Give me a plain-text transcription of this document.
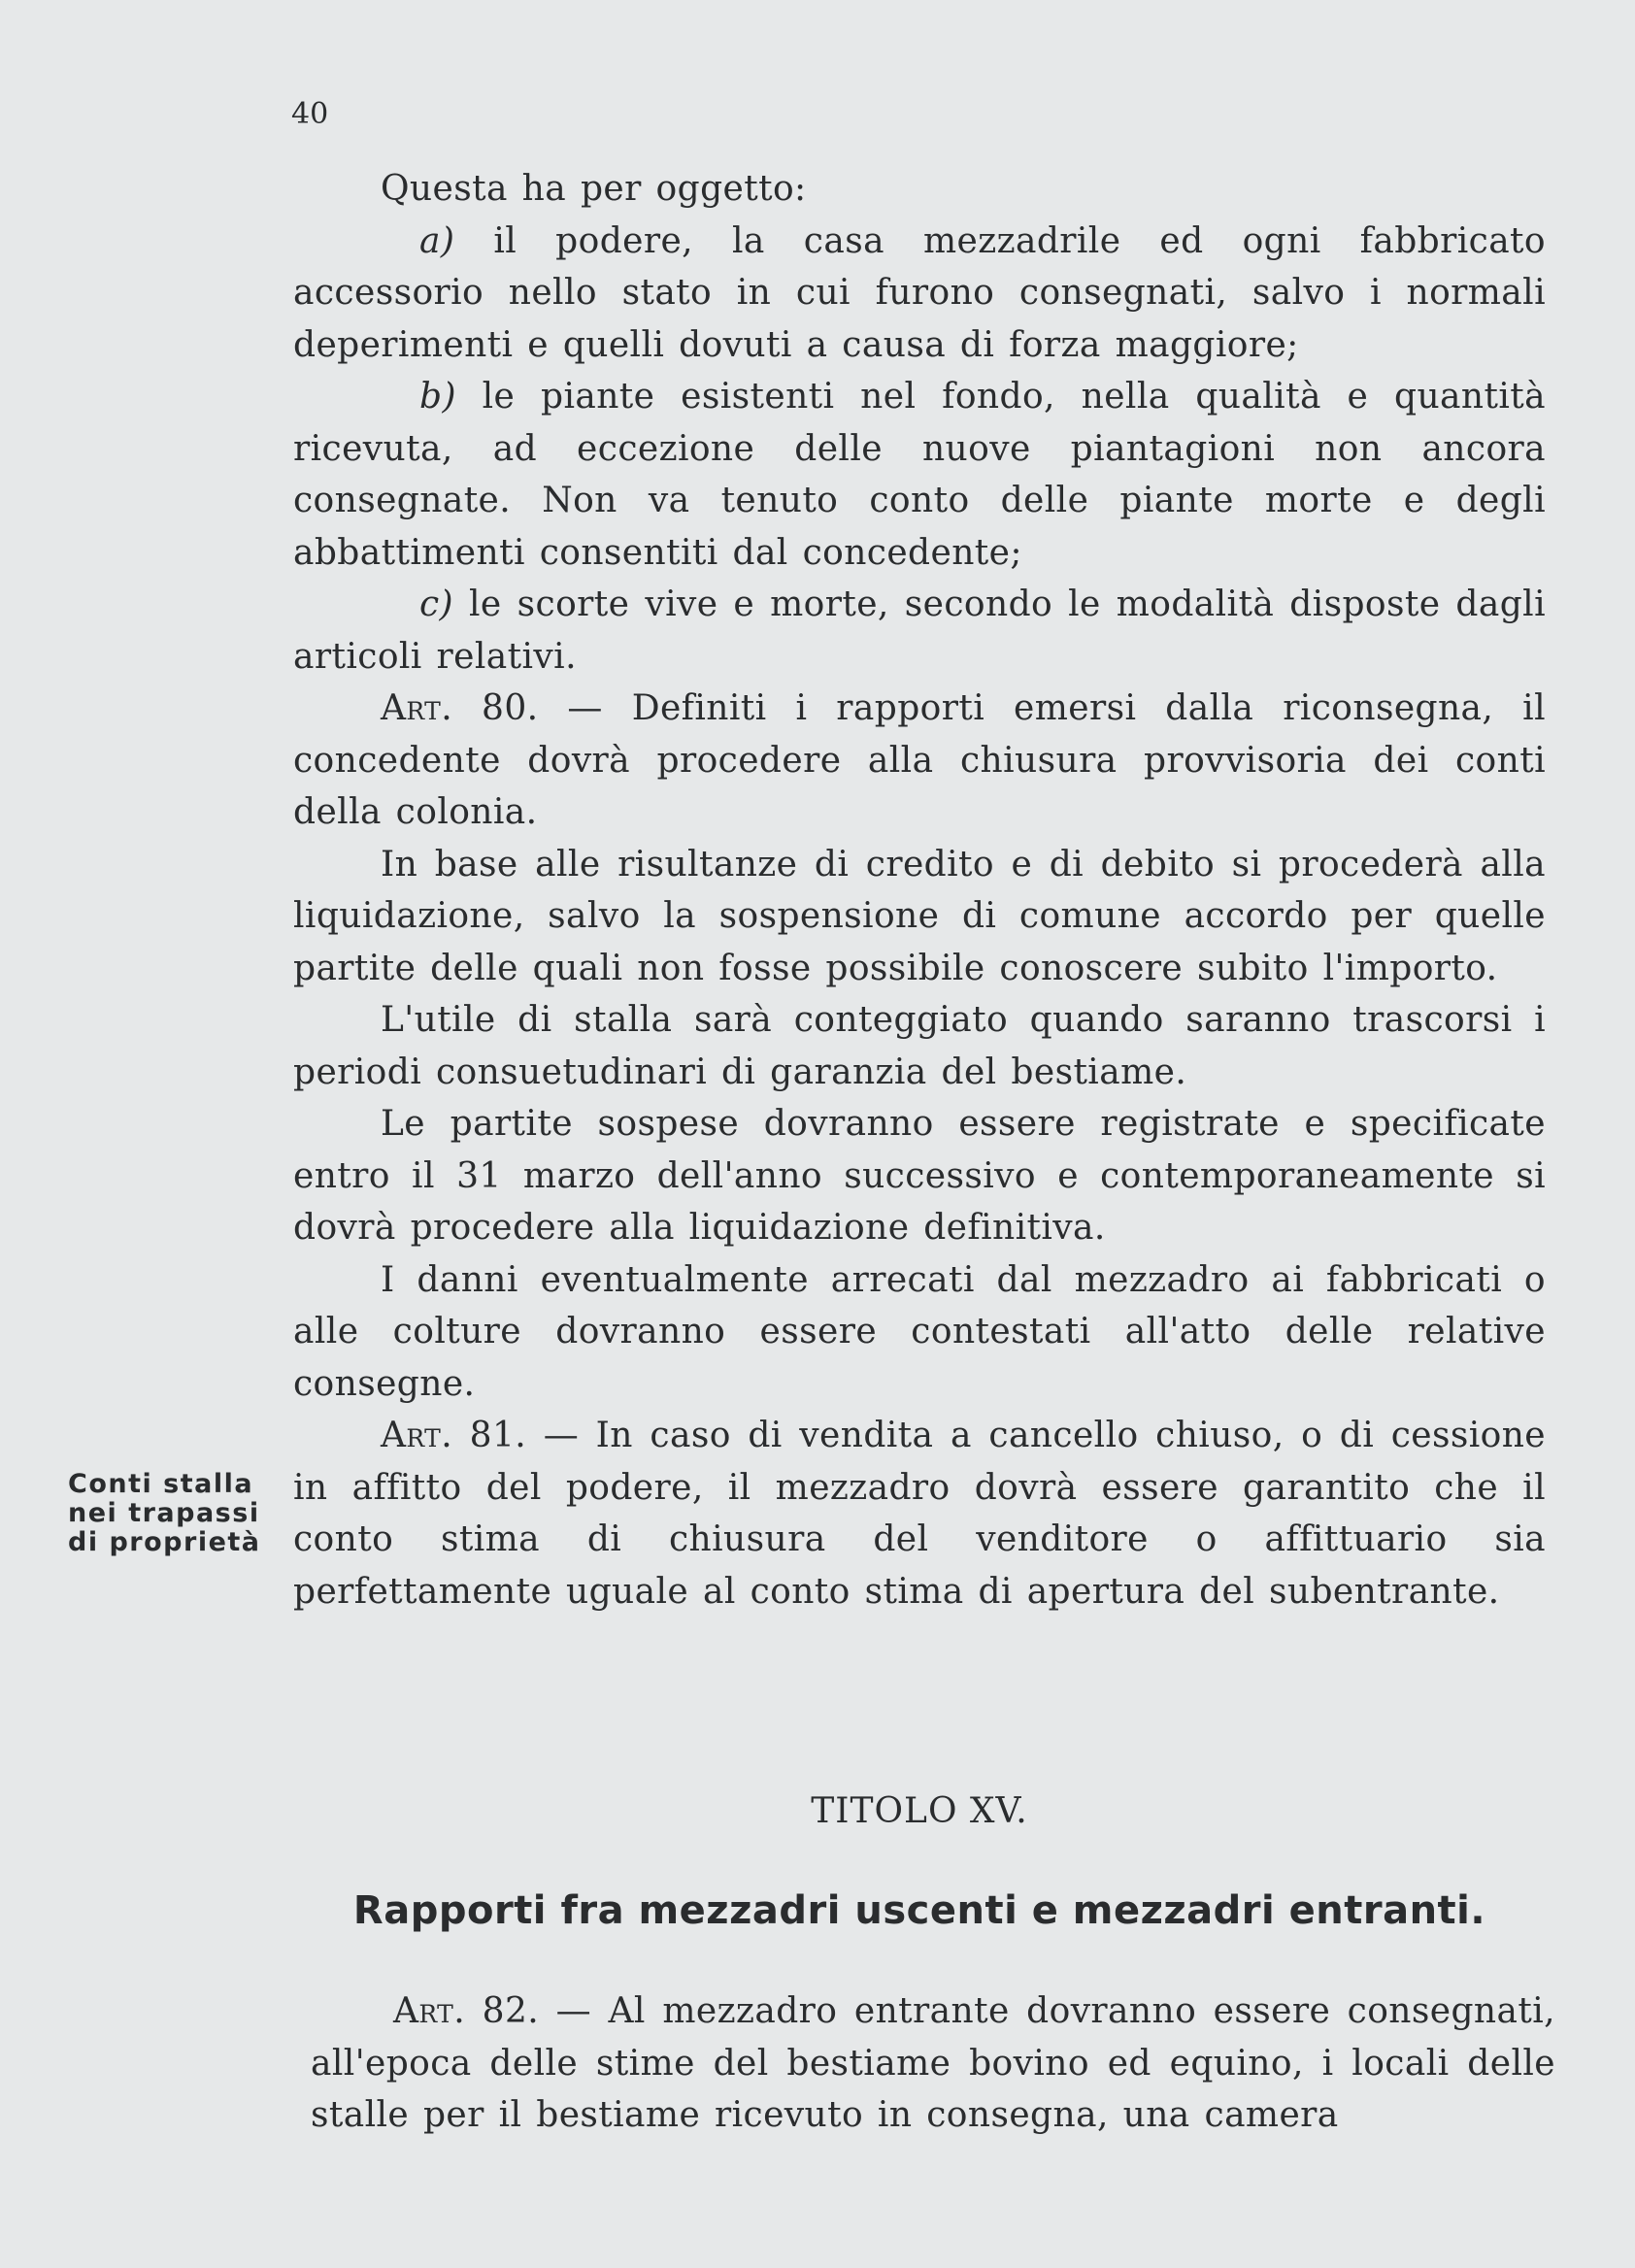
40

Questa ha per oggetto:

a) il podere, la casa mezzadrile ed ogni fabbricato accessorio nello stato in cui furono consegnati, salvo i normali deperimenti e quelli dovuti a causa di forza maggiore;

b) le piante esistenti nel fondo, nella qualità e quantità ricevuta, ad eccezione delle nuove piantagioni non ancora consegnate. Non va tenuto conto delle piante morte e degli abbattimenti consentiti dal concedente;

c) le scorte vive e morte, secondo le modalità disposte dagli articoli relativi.

Art. 80. — Definiti i rapporti emersi dalla riconsegna, il concedente dovrà procedere alla chiusura provvisoria dei conti della colonia.

In base alle risultanze di credito e di debito si procederà alla liquidazione, salvo la sospensione di comune accordo per quelle partite delle quali non fosse possibile conoscere subito l'importo.

L'utile di stalla sarà conteggiato quando saranno trascorsi i periodi consuetudinari di garanzia del bestiame.

Le partite sospese dovranno essere registrate e specificate entro il 31 marzo dell'anno successivo e contemporaneamente si dovrà procedere alla liquidazione definitiva.

I danni eventualmente arrecati dal mezzadro ai fabbricati o alle colture dovranno essere contestati all'atto delle relative consegne.

Art. 81. — In caso di vendita a cancello chiuso, o di cessione in affitto del podere, il mezzadro dovrà essere garantito che il conto stima di chiusura del venditore o affittuario sia perfettamente uguale al conto stima di apertura del subentrante.

Conti stalla
nei trapassi
di proprietà
TITOLO XV.
Rapporti fra mezzadri uscenti e mezzadri entranti.

Art. 82. — Al mezzadro entrante dovranno essere consegnati, all'epoca delle stime del bestiame bovino ed equino, i locali delle stalle per il bestiame ricevuto in consegna, una camera
